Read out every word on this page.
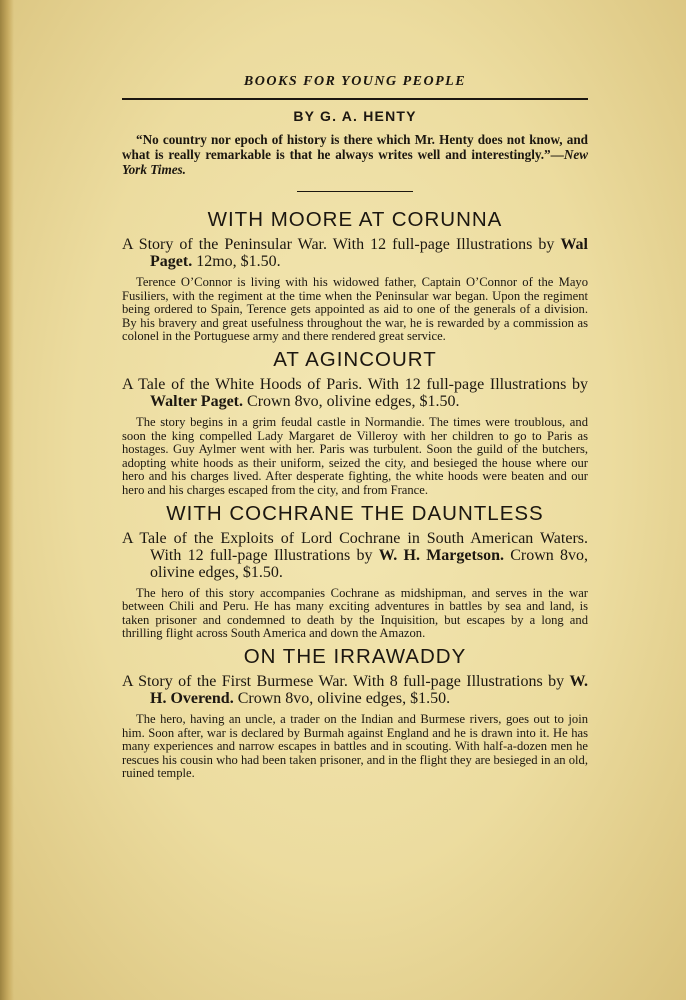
BOOKS FOR YOUNG PEOPLE
BY G. A. HENTY

“No country nor epoch of history is there which Mr. Henty does not know, and what is really remarkable is that he always writes well and interestingly.”—New York Times.

WITH MOORE AT CORUNNA

A Story of the Peninsular War. With 12 full-page Illustrations by Wal Paget. 12mo, $1.50.

Terence O’Connor is living with his widowed father, Captain O’Connor of the Mayo Fusiliers, with the regiment at the time when the Peninsular war began. Upon the regiment being ordered to Spain, Terence gets appointed as aid to one of the generals of a division. By his bravery and great usefulness throughout the war, he is rewarded by a commission as colonel in the Portuguese army and there rendered great service.

AT AGINCOURT

A Tale of the White Hoods of Paris. With 12 full-page Illustrations by Walter Paget. Crown 8vo, olivine edges, $1.50.

The story begins in a grim feudal castle in Normandie. The times were troublous, and soon the king compelled Lady Margaret de Villeroy with her children to go to Paris as hostages. Guy Aylmer went with her. Paris was turbulent. Soon the guild of the butchers, adopting white hoods as their uniform, seized the city, and besieged the house where our hero and his charges lived. After desperate fighting, the white hoods were beaten and our hero and his charges escaped from the city, and from France.

WITH COCHRANE THE DAUNTLESS

A Tale of the Exploits of Lord Cochrane in South American Waters. With 12 full-page Illustrations by W. H. Margetson. Crown 8vo, olivine edges, $1.50.

The hero of this story accompanies Cochrane as midshipman, and serves in the war between Chili and Peru. He has many exciting adventures in battles by sea and land, is taken prisoner and condemned to death by the Inquisition, but escapes by a long and thrilling flight across South America and down the Amazon.

ON THE IRRAWADDY

A Story of the First Burmese War. With 8 full-page Illustrations by W. H. Overend. Crown 8vo, olivine edges, $1.50.

The hero, having an uncle, a trader on the Indian and Burmese rivers, goes out to join him. Soon after, war is declared by Burmah against England and he is drawn into it. He has many experiences and narrow escapes in battles and in scouting. With half-a-dozen men he rescues his cousin who had been taken prisoner, and in the flight they are besieged in an old, ruined temple.
